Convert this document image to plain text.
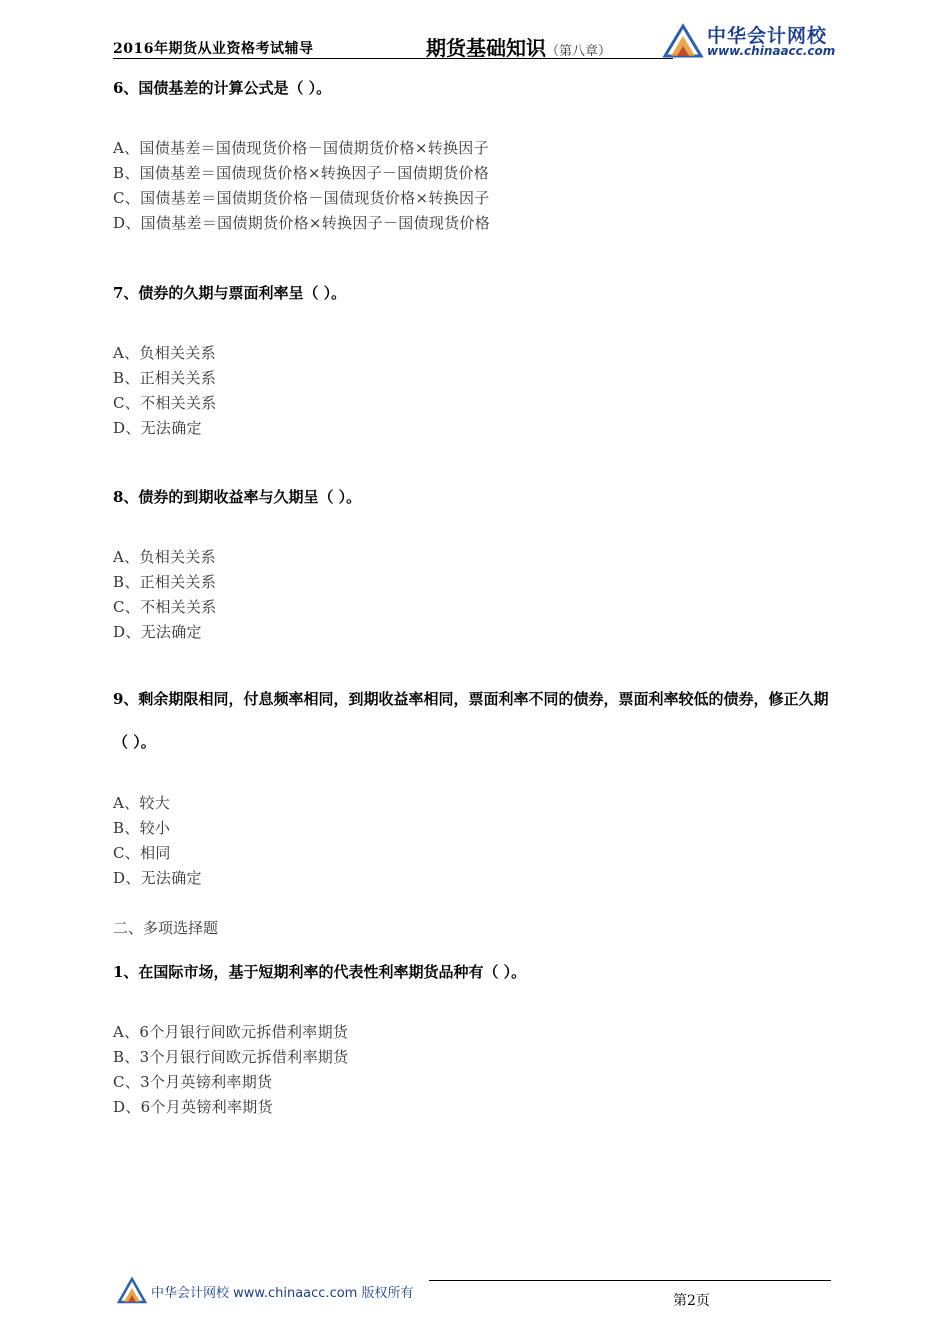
2016年期货从业资格考试辅导	期货基础知识（第八章）
中华会计网校
www.chinaacc.com
6、国债基差的计算公式是（ ）。
A、国债基差＝国债现货价格－国债期货价格×转换因子
B、国债基差＝国债现货价格×转换因子－国债期货价格
C、国债基差＝国债期货价格－国债现货价格×转换因子
D、国债基差＝国债期货价格×转换因子－国债现货价格
7、债券的久期与票面利率呈（ ）。
A、负相关关系
B、正相关关系
C、不相关关系
D、无法确定
8、债券的到期收益率与久期呈（ ）。
A、负相关关系
B、正相关关系
C、不相关关系
D、无法确定
9、剩余期限相同，付息频率相同，到期收益率相同，票面利率不同的债券，票面利率较低的债券，修正久期（ ）。
A、较大
B、较小
C、相同
D、无法确定
二、多项选择题
1、在国际市场，基于短期利率的代表性利率期货品种有（ ）。
A、6个月银行间欧元拆借利率期货
B、3个月银行间欧元拆借利率期货
C、3个月英镑利率期货
D、6个月英镑利率期货
中华会计网校 www.chinaacc.com 版权所有	第2页
